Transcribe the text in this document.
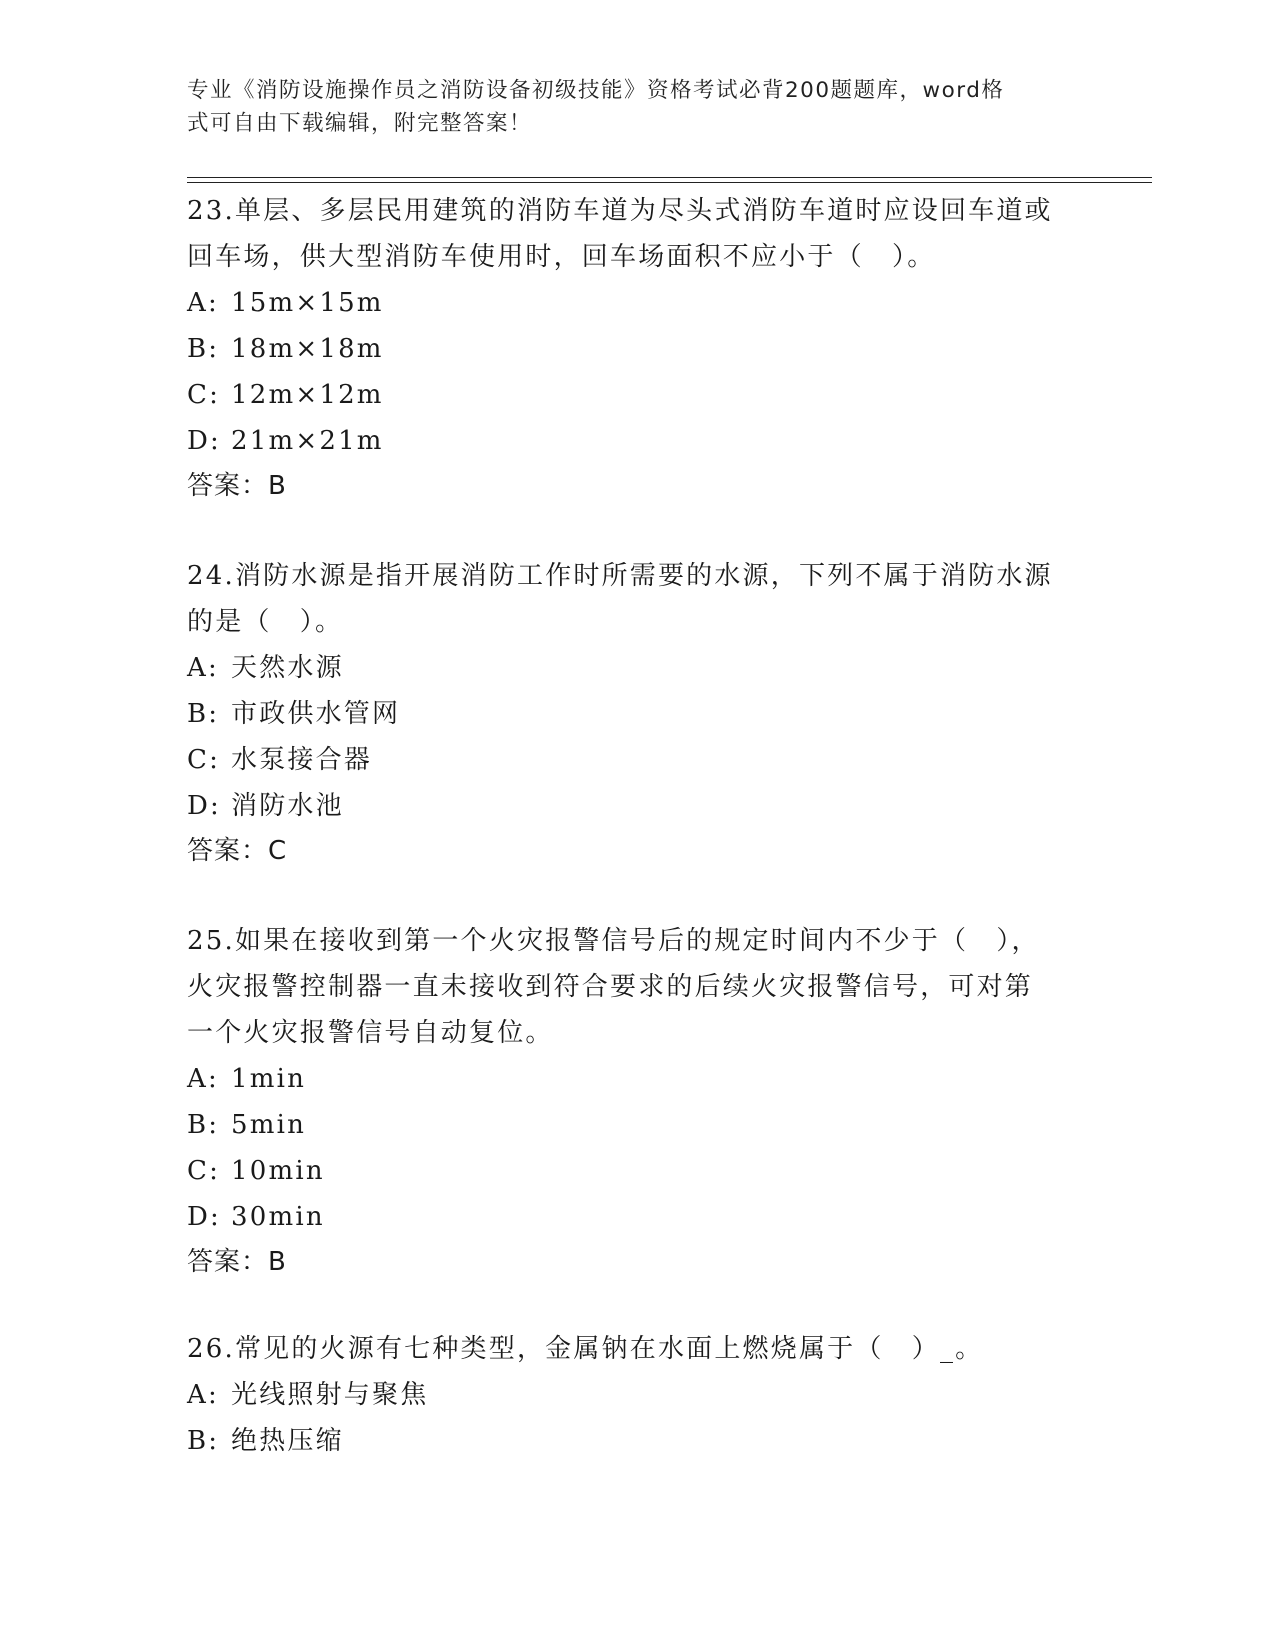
专业《消防设施操作员之消防设备初级技能》资格考试必背200题题库，word格
式可自由下载编辑，附完整答案！

23.单层、多层民用建筑的消防车道为尽头式消防车道时应设回车道或

回车场，供大型消防车使用时，回车场面积不应小于（　）。

A: 15m×15m

B: 18m×18m

C: 12m×12m

D: 21m×21m

答案：B

24.消防水源是指开展消防工作时所需要的水源，下列不属于消防水源

的是（　）。

A: 天然水源

B: 市政供水管网

C: 水泵接合器

D: 消防水池

答案：C

25.如果在接收到第一个火灾报警信号后的规定时间内不少于（　），

火灾报警控制器一直未接收到符合要求的后续火灾报警信号，可对第

一个火灾报警信号自动复位。

A: 1min

B: 5min

C: 10min

D: 30min

答案：B

26.常见的火源有七种类型，金属钠在水面上燃烧属于（　）_。

A: 光线照射与聚焦

B: 绝热压缩
